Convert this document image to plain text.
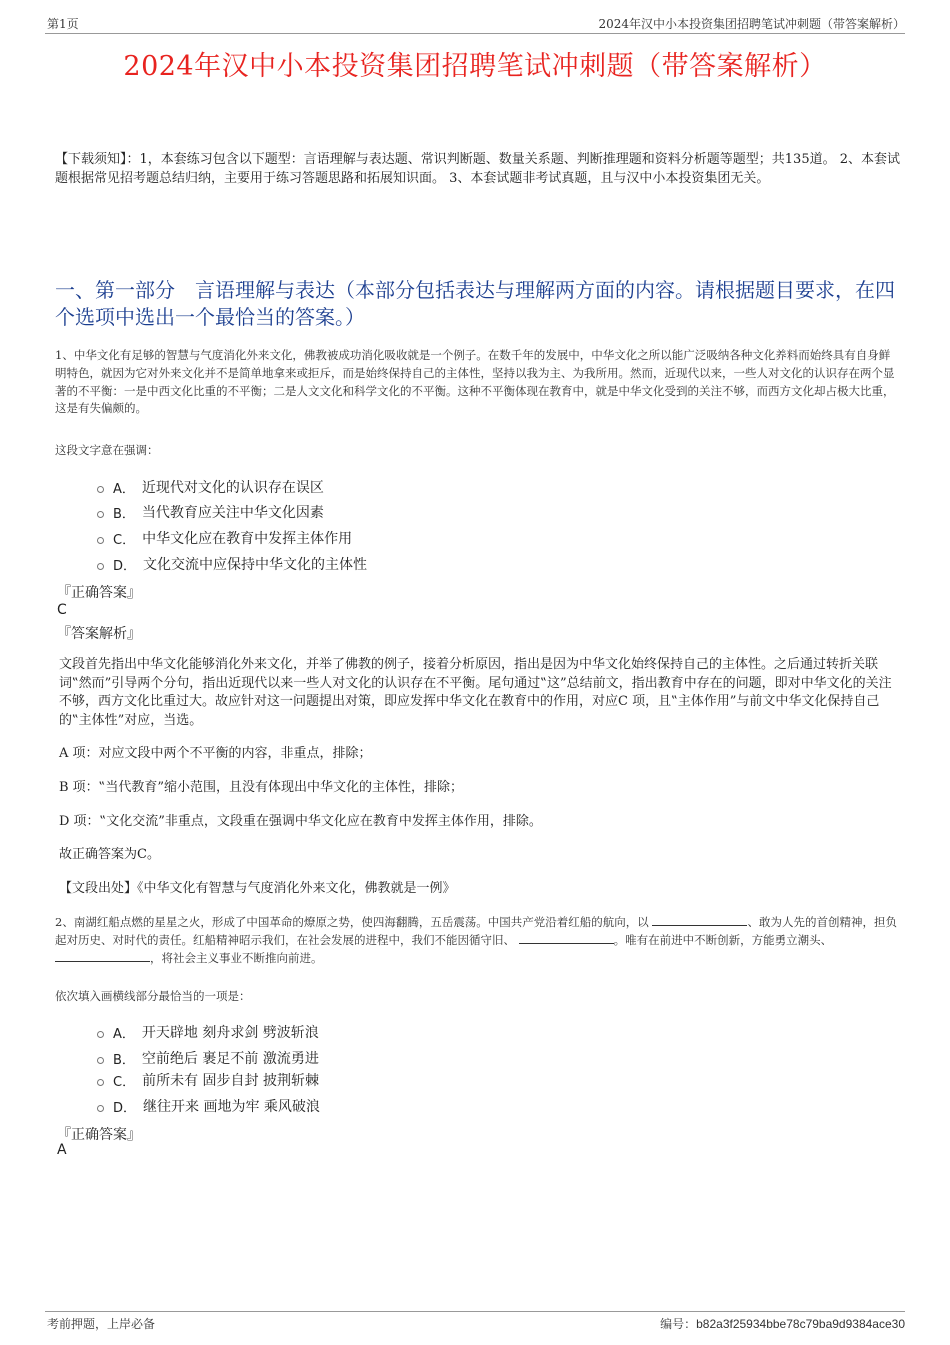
第1页	2024年汉中小本投资集团招聘笔试冲刺题（带答案解析）
2024年汉中小本投资集团招聘笔试冲刺题（带答案解析）
【下载须知】：1，本套练习包含以下题型：言语理解与表达题、常识判断题、数量关系题、判断推理题和资料分析题等题型；共135道。 2、本套试题根据常见招考题总结归纳，主要用于练习答题思路和拓展知识面。 3、本套试题非考试真题，且与汉中小本投资集团无关。
一、第一部分　言语理解与表达（本部分包括表达与理解两方面的内容。请根据题目要求，在四个选项中选出一个最恰当的答案。）
1、中华文化有足够的智慧与气度消化外来文化，佛教被成功消化吸收就是一个例子。在数千年的发展中，中华文化之所以能广泛吸纳各种文化养料而始终具有自身鲜明特色，就因为它对外来文化并不是简单地拿来或拒斥，而是始终保持自己的主体性，坚持以我为主、为我所用。然而，近现代以来，一些人对文化的认识存在两个显著的不平衡：一是中西文化比重的不平衡；二是人文文化和科学文化的不平衡。这种不平衡体现在教育中，就是中华文化受到的关注不够，而西方文化却占极大比重，这是有失偏颇的。
这段文字意在强调：
A． 近现代对文化的认识存在误区
B． 当代教育应关注中华文化因素
C． 中华文化应在教育中发挥主体作用
D． 文化交流中应保持中华文化的主体性
『正确答案』
C
『答案解析』
文段首先指出中华文化能够消化外来文化，并举了佛教的例子，接着分析原因，指出是因为中华文化始终保持自己的主体性。之后通过转折关联词‟然而”引导两个分句，指出近现代以来一些人对文化的认识存在不平衡。尾句通过‟这”总结前文，指出教育中存在的问题，即对中华文化的关注不够，西方文化比重过大。故应针对这一问题提出对策，即应发挥中华文化在教育中的作用，对应C 项，且‟主体作用”与前文中华文化保持自己的‟主体性”对应，当选。
A 项：对应文段中两个不平衡的内容，非重点，排除；
B 项：‟当代教育”缩小范围，且没有体现出中华文化的主体性，排除；
D 项：‟文化交流”非重点，文段重在强调中华文化应在教育中发挥主体作用，排除。
故正确答案为C。
【文段出处】《中华文化有智慧与气度消化外来文化，佛教就是一例》
2、南湖红船点燃的星星之火，形成了中国革命的燎原之势，使四海翻腾，五岳震荡。中国共产党沿着红船的航向，以	、敢为人先的首创精神，担负起对历史、对时代的责任。红船精神昭示我们，在社会发展的进程中，我们不能因循守旧、	。唯有在前进中不断创新，方能勇立潮头、 ，将社会主义事业不断推向前进。
依次填入画横线部分最恰当的一项是：
A． 开天辟地 刻舟求剑 劈波斩浪
B． 空前绝后 裹足不前 激流勇进
C． 前所未有 固步自封 披荆斩棘
D． 继往开来 画地为牢 乘风破浪
『正确答案』
A
考前押题，上岸必备	编号：b82a3f25934bbe78c79ba9d9384ace30
